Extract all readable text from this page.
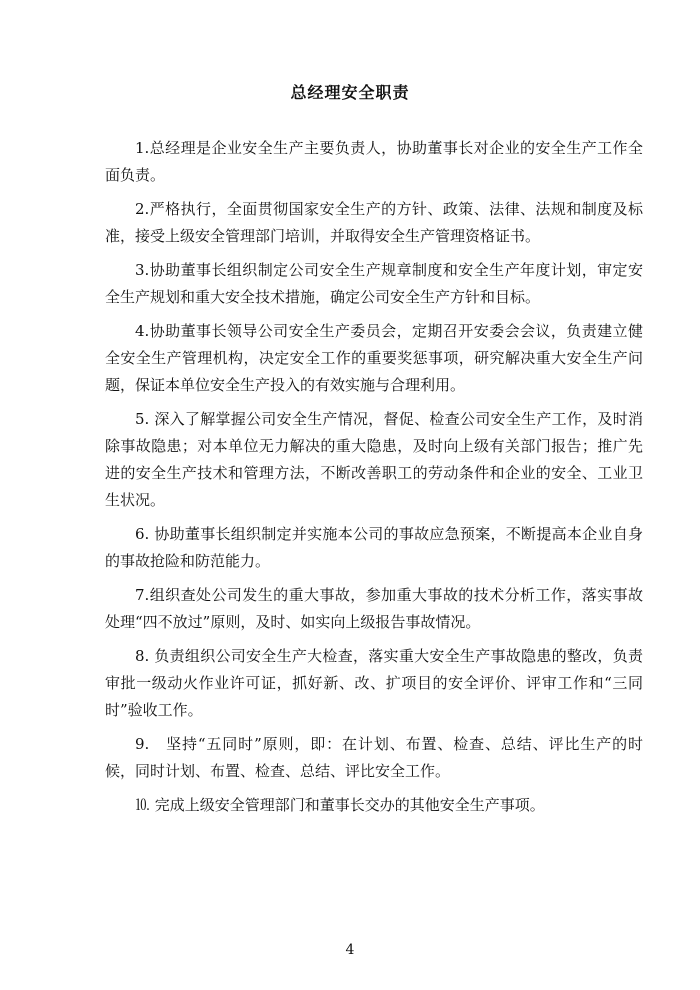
总经理安全职责

1.总经理是企业安全生产主要负责人，协助董事长对企业的安全生产工作全面负责。

2.严格执行，全面贯彻国家安全生产的方针、政策、法律、法规和制度及标准，接受上级安全管理部门培训，并取得安全生产管理资格证书。

3.协助董事长组织制定公司安全生产规章制度和安全生产年度计划，审定安全生产规划和重大安全技术措施，确定公司安全生产方针和目标。

4.协助董事长领导公司安全生产委员会，定期召开安委会会议，负责建立健全安全生产管理机构，决定安全工作的重要奖惩事项，研究解决重大安全生产问题，保证本单位安全生产投入的有效实施与合理利用。

5. 深入了解掌握公司安全生产情况，督促、检查公司安全生产工作，及时消除事故隐患；对本单位无力解决的重大隐患，及时向上级有关部门报告；推广先进的安全生产技术和管理方法，不断改善职工的劳动条件和企业的安全、工业卫生状况。

6. 协助董事长组织制定并实施本公司的事故应急预案，不断提高本企业自身的事故抢险和防范能力。

7.组织查处公司发生的重大事故，参加重大事故的技术分析工作，落实事故处理“四不放过”原则，及时、如实向上级报告事故情况。

8. 负责组织公司安全生产大检查，落实重大安全生产事故隐患的整改，负责审批一级动火作业许可证，抓好新、改、扩项目的安全评价、评审工作和“三同时”验收工作。

9.　坚持“五同时”原则，即：在计划、布置、检查、总结、评比生产的时候，同时计划、布置、检查、总结、评比安全工作。

⒑ 完成上级安全管理部门和董事长交办的其他安全生产事项。

4
